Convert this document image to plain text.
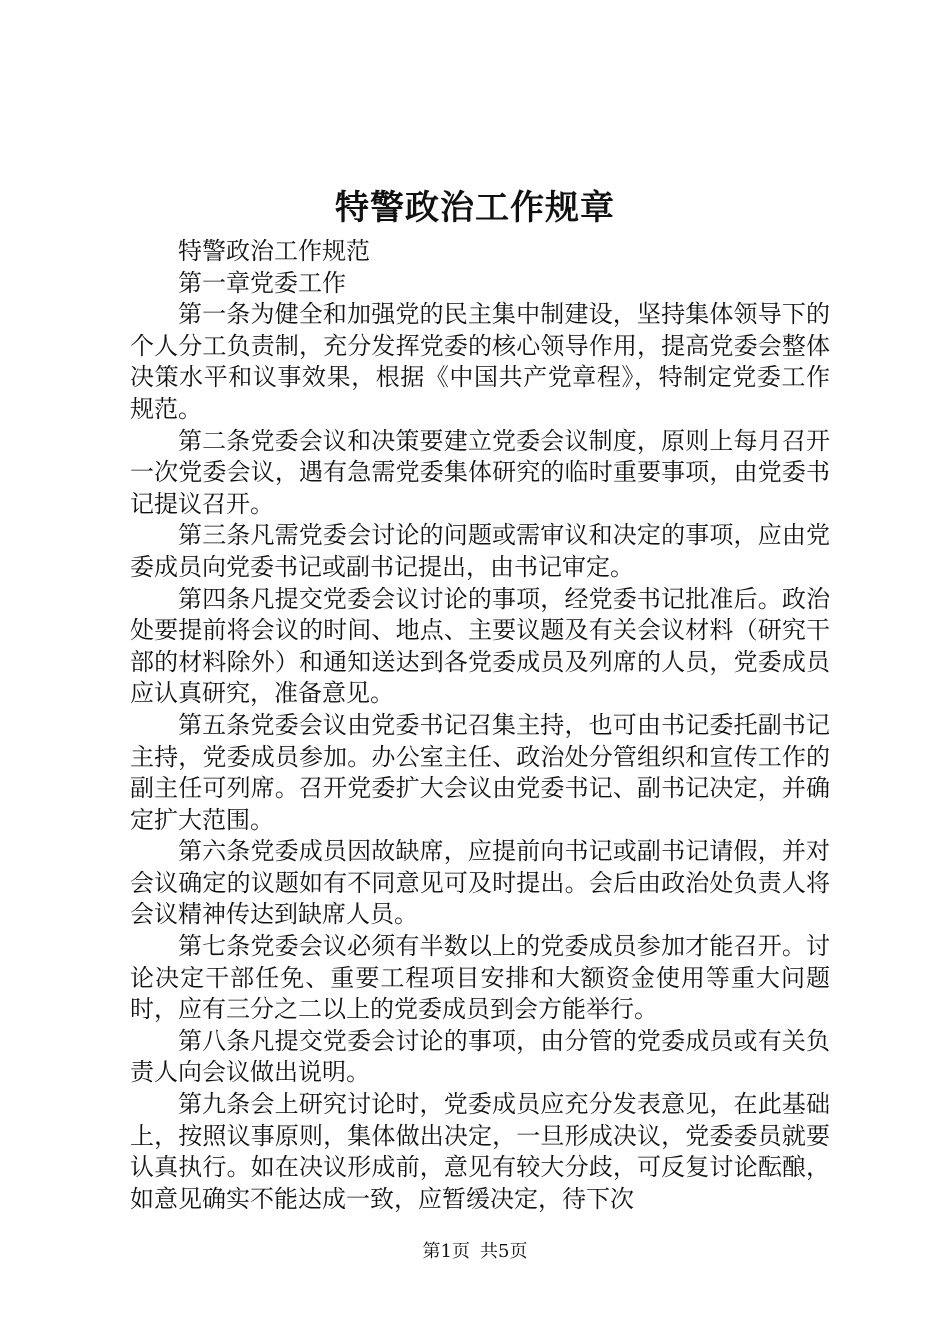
特警政治工作规章

特警政治工作规范

第一章党委工作

第一条为健全和加强党的民主集中制建设，坚持集体领导下的个人分工负责制，充分发挥党委的核心领导作用，提高党委会整体决策水平和议事效果，根据《中国共产党章程》，特制定党委工作规范。

第二条党委会议和决策要建立党委会议制度，原则上每月召开一次党委会议，遇有急需党委集体研究的临时重要事项，由党委书记提议召开。

第三条凡需党委会讨论的问题或需审议和决定的事项，应由党委成员向党委书记或副书记提出，由书记审定。

第四条凡提交党委会议讨论的事项，经党委书记批准后。政治处要提前将会议的时间、地点、主要议题及有关会议材料（研究干部的材料除外）和通知送达到各党委成员及列席的人员，党委成员应认真研究，准备意见。

第五条党委会议由党委书记召集主持，也可由书记委托副书记主持，党委成员参加。办公室主任、政治处分管组织和宣传工作的副主任可列席。召开党委扩大会议由党委书记、副书记决定，并确定扩大范围。

第六条党委成员因故缺席，应提前向书记或副书记请假，并对会议确定的议题如有不同意见可及时提出。会后由政治处负责人将会议精神传达到缺席人员。

第七条党委会议必须有半数以上的党委成员参加才能召开。讨论决定干部任免、重要工程项目安排和大额资金使用等重大问题时，应有三分之二以上的党委成员到会方能举行。

第八条凡提交党委会讨论的事项，由分管的党委成员或有关负责人向会议做出说明。

第九条会上研究讨论时，党委成员应充分发表意见，在此基础上，按照议事原则，集体做出决定，一旦形成决议，党委委员就要认真执行。如在决议形成前，意见有较大分歧，可反复讨论酝酿，如意见确实不能达成一致，应暂缓决定，待下次

第1页 共5页
